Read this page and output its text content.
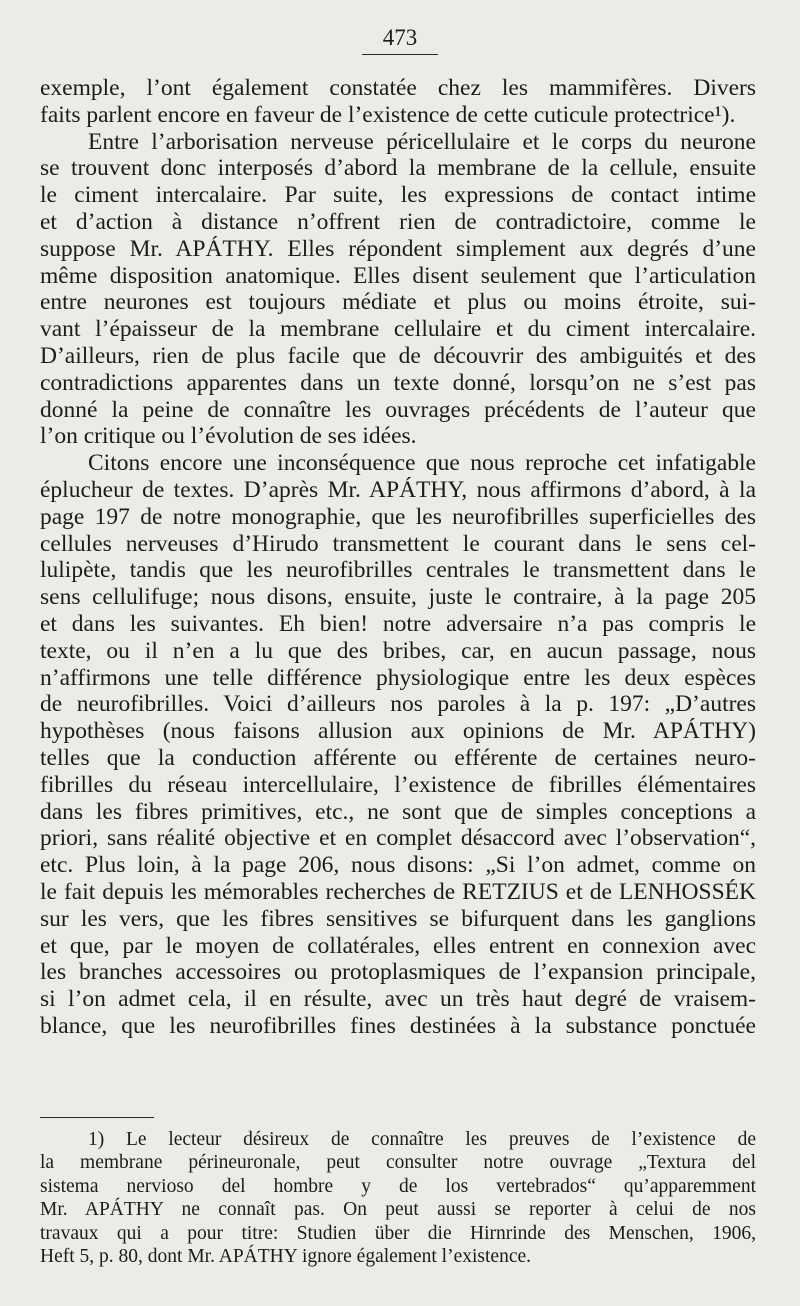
473
exemple, l’ont également constatée chez les mammifères. Divers
faits parlent encore en faveur de l’existence de cette cuticule protectrice¹).
Entre l’arborisation nerveuse péricellulaire et le corps du neurone
se trouvent donc interposés d’abord la membrane de la cellule, ensuite
le ciment intercalaire. Par suite, les expressions de contact intime
et d’action à distance n’offrent rien de contradictoire, comme le
suppose Mr. APÁTHY. Elles répondent simplement aux degrés d’une
même disposition anatomique. Elles disent seulement que l’articulation
entre neurones est toujours médiate et plus ou moins étroite, sui-
vant l’épaisseur de la membrane cellulaire et du ciment intercalaire.
D’ailleurs, rien de plus facile que de découvrir des ambiguités et des
contradictions apparentes dans un texte donné, lorsqu’on ne s’est pas
donné la peine de connaître les ouvrages précédents de l’auteur que
l’on critique ou l’évolution de ses idées.
Citons encore une inconséquence que nous reproche cet infatigable
éplucheur de textes. D’après Mr. APÁTHY, nous affirmons d’abord, à la
page 197 de notre monographie, que les neurofibrilles superficielles des
cellules nerveuses d’Hirudo transmettent le courant dans le sens cel-
lulipète, tandis que les neurofibrilles centrales le transmettent dans le
sens cellulifuge; nous disons, ensuite, juste le contraire, à la page 205
et dans les suivantes. Eh bien! notre adversaire n’a pas compris le
texte, ou il n’en a lu que des bribes, car, en aucun passage, nous
n’affirmons une telle différence physiologique entre les deux espèces
de neurofibrilles. Voici d’ailleurs nos paroles à la p. 197: „D’autres
hypothèses (nous faisons allusion aux opinions de Mr. APÁTHY)
telles que la conduction afférente ou efférente de certaines neuro-
fibrilles du réseau intercellulaire, l’existence de fibrilles élémentaires
dans les fibres primitives, etc., ne sont que de simples conceptions a
priori, sans réalité objective et en complet désaccord avec l’observation“,
etc. Plus loin, à la page 206, nous disons: „Si l’on admet, comme on
le fait depuis les mémorables recherches de RETZIUS et de LENHOSSÉK
sur les vers, que les fibres sensitives se bifurquent dans les ganglions
et que, par le moyen de collatérales, elles entrent en connexion avec
les branches accessoires ou protoplasmiques de l’expansion principale,
si l’on admet cela, il en résulte, avec un très haut degré de vraisem-
blance, que les neurofibrilles fines destinées à la substance ponctuée
1) Le lecteur désireux de connaître les preuves de l’existence de
la membrane périneuronale, peut consulter notre ouvrage „Textura del
sistema nervioso del hombre y de los vertebrados“ qu’apparemment
Mr. APÁTHY ne connaît pas. On peut aussi se reporter à celui de nos
travaux qui a pour titre: Studien über die Hirnrinde des Menschen, 1906,
Heft 5, p. 80, dont Mr. APÁTHY ignore également l’existence.
